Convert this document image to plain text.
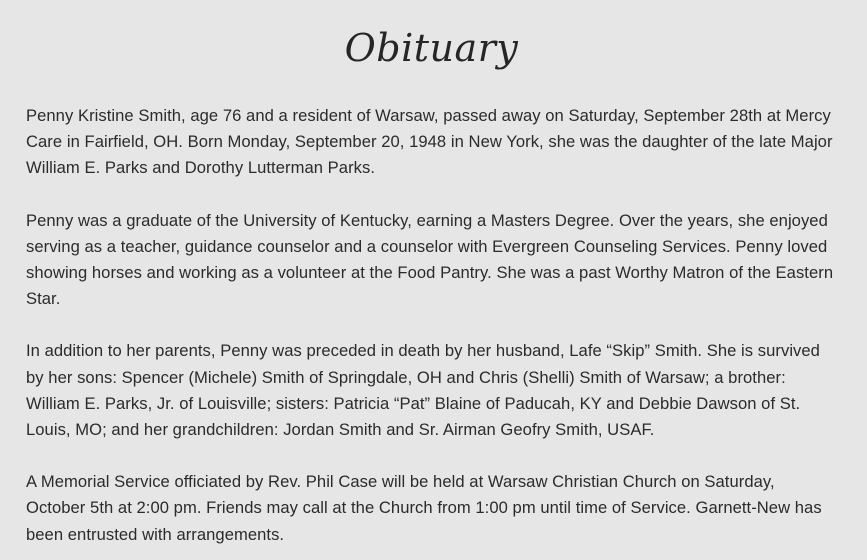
Obituary

Penny Kristine Smith, age 76 and a resident of Warsaw, passed away on Saturday, September 28th at Mercy Care in Fairfield, OH. Born Monday, September 20, 1948 in New York, she was the daughter of the late Major William E. Parks and Dorothy Lutterman Parks.

Penny was a graduate of the University of Kentucky, earning a Masters Degree. Over the years, she enjoyed serving as a teacher, guidance counselor and a counselor with Evergreen Counseling Services. Penny loved showing horses and working as a volunteer at the Food Pantry. She was a past Worthy Matron of the Eastern Star.

In addition to her parents, Penny was preceded in death by her husband, Lafe “Skip” Smith. She is survived by her sons: Spencer (Michele) Smith of Springdale, OH and Chris (Shelli) Smith of Warsaw; a brother: William E. Parks, Jr. of Louisville; sisters: Patricia “Pat” Blaine of Paducah, KY and Debbie Dawson of St. Louis, MO; and her grandchildren: Jordan Smith and Sr. Airman Geofry Smith, USAF.

A Memorial Service officiated by Rev. Phil Case will be held at Warsaw Christian Church on Saturday, October 5th at 2:00 pm. Friends may call at the Church from 1:00 pm until time of Service. Garnett-New has been entrusted with arrangements.
